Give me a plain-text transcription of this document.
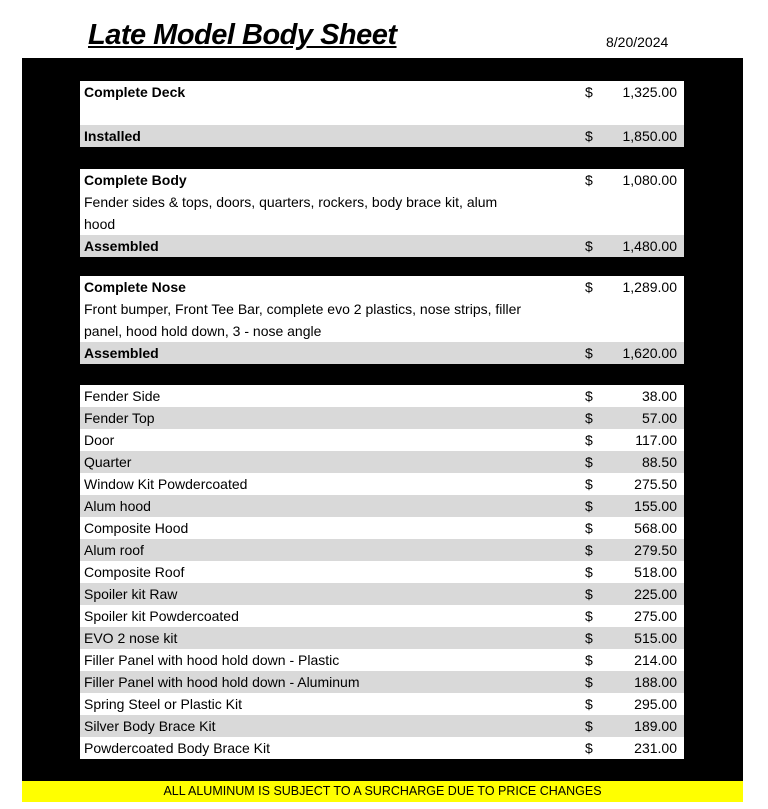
Late Model Body Sheet	8/20/2024
Complete Deck	$ 1,325.00
Installed	$ 1,850.00
Complete Body	$ 1,080.00
Fender sides & tops, doors, quarters, rockers, body brace kit, alum
hood
Assembled	$ 1,480.00
Complete Nose	$ 1,289.00
Front bumper, Front Tee Bar, complete evo 2 plastics, nose strips, filler
panel, hood hold down, 3 - nose angle
Assembled	$ 1,620.00
Fender Side	$	38.00
Fender Top	$	57.00
Door	$	117.00
Quarter	$	88.50
Window Kit Powdercoated	$	275.50
Alum hood	$	155.00
Composite Hood	$	568.00
Alum roof	$	279.50
Composite Roof	$	518.00
Spoiler kit Raw	$	225.00
Spoiler kit Powdercoated	$	275.00
EVO 2 nose kit	$	515.00
Filler Panel with hood hold down - Plastic	$	214.00
Filler Panel with hood hold down - Aluminum	$	188.00
Spring Steel or Plastic Kit	$	295.00
Silver Body Brace Kit	$	189.00
Powdercoated Body Brace Kit	$	231.00
ALL ALUMINUM IS SUBJECT TO A SURCHARGE DUE TO PRICE CHANGES
